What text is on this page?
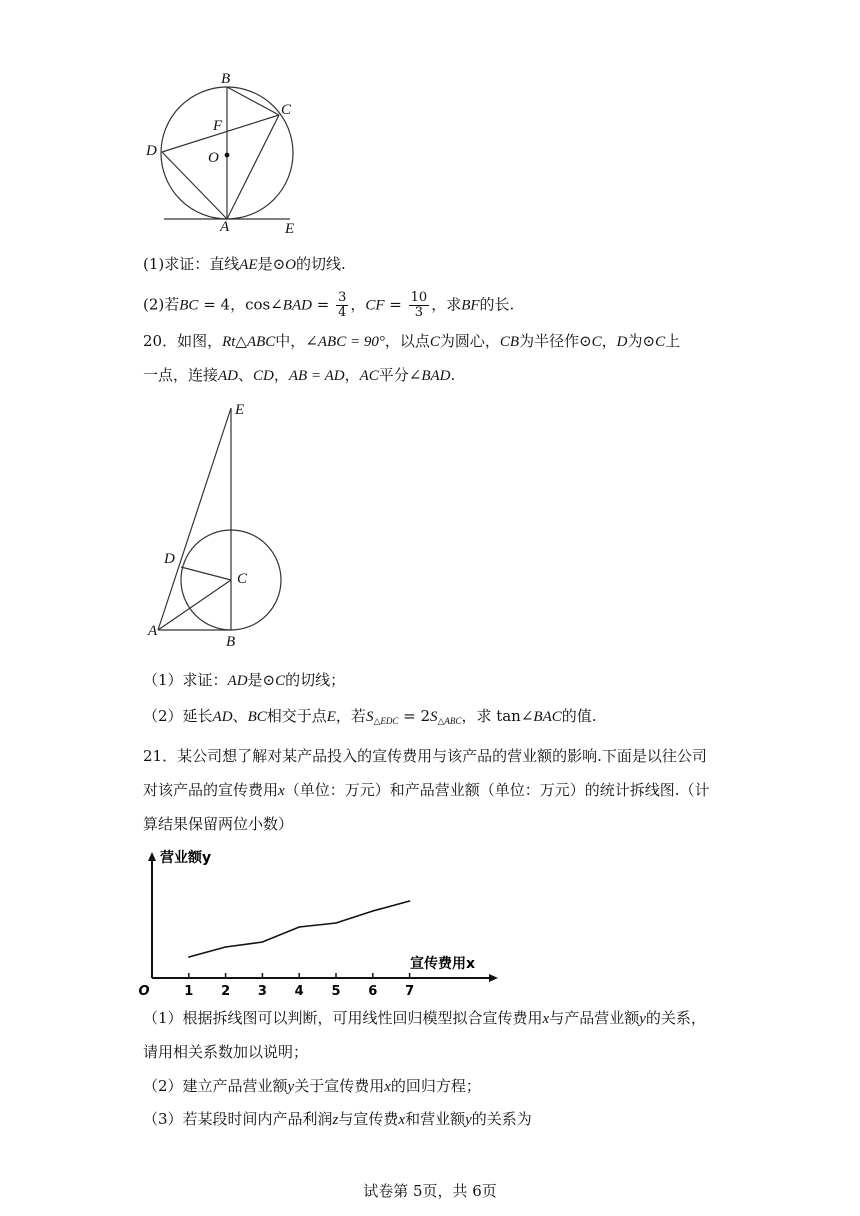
B
C
F
D	O
A	E
(1)求证：直线AE是⊙O的切线.
(2)若BC = 4，cos∠BAD = $\frac{3}{4}$ ，CF = $\frac{10}{3}$ ，求BF的长.
20．如图，Rt△ABC中，∠ABC = 90°，以点C为圆心，CB为半径作⊙C，D为⊙C上
一点，连接AD、CD，AB = AD，AC平分∠BAD.
E
D
C
A
B
（1）求证：AD是⊙C的切线；
（2）延长AD、BC相交于点E，若$S_{\triangle EDC} = 2S_{\triangle ABC}$，求 tan∠BAC的值.
21．某公司想了解对某产品投入的宣传费用与该产品的营业额的影响.下面是以往公司
对该产品的宣传费用x（单位：万元）和产品营业额（单位：万元）的统计拆线图.（计
算结果保留两位小数）
1 2 3 4 5 6 7
O
营业额y
宣传费用x
（1）根据拆线图可以判断，可用线性回归模型拟合宣传费用x与产品营业额y的关系，
请用相关系数加以说明；
（2）建立产品营业额y关于宣传费用x的回归方程；
（3）若某段时间内产品利润z与宣传费x和营业额y的关系为
试卷第 5页，共 6页
